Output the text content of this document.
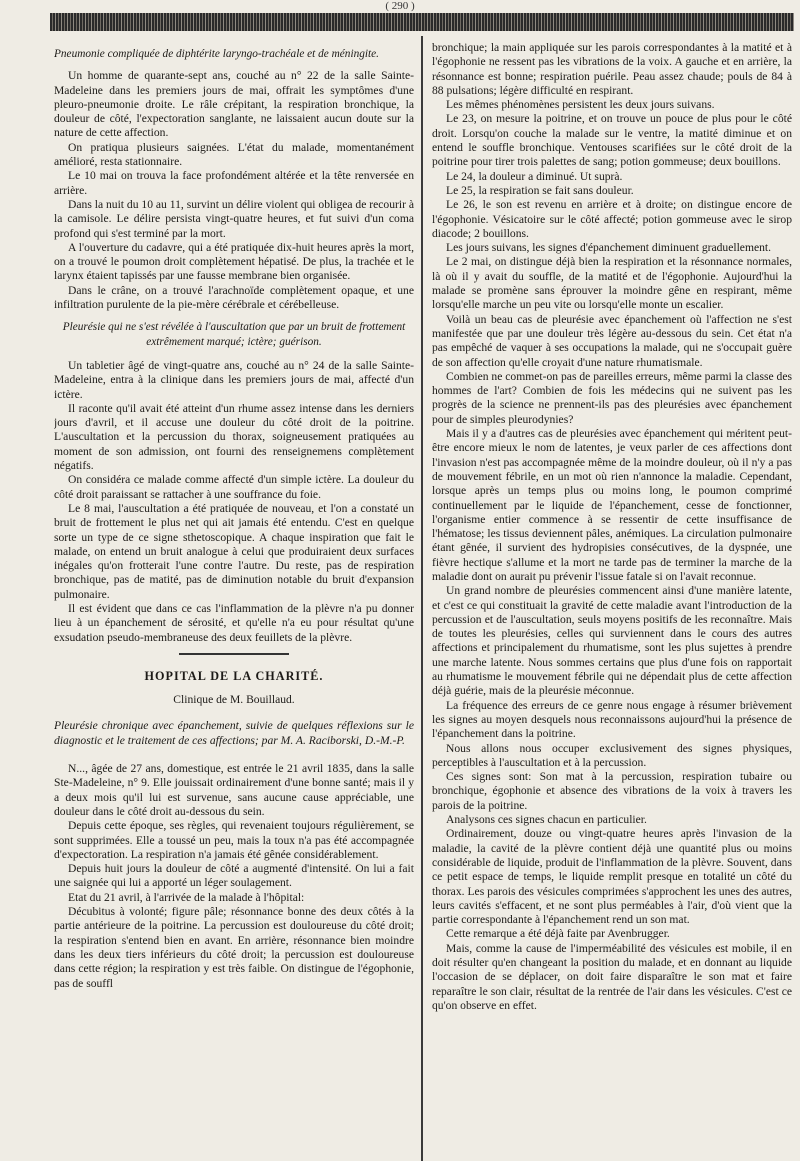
( 290 )

Pneumonie compliquée de diphtérite laryngo-trachéale et de méningite.

Un homme de quarante-sept ans, couché au n° 22 de la salle Sainte-Madeleine dans les premiers jours de mai, offrait les symptômes d'une pleuro-pneumonie droite. Le râle crépitant, la respiration bronchique, la douleur de côté, l'expectoration sanglante, ne laissaient aucun doute sur la nature de cette affection.

On pratiqua plusieurs saignées. L'état du malade, momentanément amélioré, resta stationnaire.

Le 10 mai on trouva la face profondément altérée et la tête renversée en arrière.

Dans la nuit du 10 au 11, survint un délire violent qui obligea de recourir à la camisole. Le délire persista vingt-quatre heures, et fut suivi d'un coma profond qui s'est terminé par la mort.

A l'ouverture du cadavre, qui a été pratiquée dix-huit heures après la mort, on a trouvé le poumon droit complètement hépatisé. De plus, la trachée et le larynx étaient tapissés par une fausse membrane bien organisée.

Dans le crâne, on a trouvé l'arachnoïde complètement opaque, et une infiltration purulente de la pie-mère cérébrale et cérébelleuse.

Pleurésie qui ne s'est révélée à l'auscultation que par un bruit de frottement extrêmement marqué; ictère; guérison.

Un tabletier âgé de vingt-quatre ans, couché au n° 24 de la salle Sainte-Madeleine, entra à la clinique dans les premiers jours de mai, affecté d'un ictère.

Il raconte qu'il avait été atteint d'un rhume assez intense dans les derniers jours d'avril, et il accuse une douleur du côté droit de la poitrine. L'auscultation et la percussion du thorax, soigneusement pratiquées au moment de son admission, ont fourni des renseignemens complètement négatifs.

On considéra ce malade comme affecté d'un simple ictère. La douleur du côté droit paraissant se rattacher à une souffrance du foie.

Le 8 mai, l'auscultation a été pratiquée de nouveau, et l'on a constaté un bruit de frottement le plus net qui ait jamais été entendu. C'est en quelque sorte un type de ce signe sthetoscopique. A chaque inspiration que fait le malade, on entend un bruit analogue à celui que produiraient deux surfaces inégales qu'on frotterait l'une contre l'autre. Du reste, pas de respiration bronchique, pas de matité, pas de diminution notable du bruit d'expansion pulmonaire.

Il est évident que dans ce cas l'inflammation de la plèvre n'a pu donner lieu à un épanchement de sérosité, et qu'elle n'a eu pour résultat qu'une exsudation pseudo-membraneuse des deux feuillets de la plèvre.

HOPITAL DE LA CHARITÉ.

Clinique de M. Bouillaud.

Pleurésie chronique avec épanchement, suivie de quelques réflexions sur le diagnostic et le traitement de ces affections; par M. A. Raciborski, D.-M.-P.

N..., âgée de 27 ans, domestique, est entrée le 21 avril 1835, dans la salle Ste-Madeleine, n° 9. Elle jouissait ordinairement d'une bonne santé; mais il y a deux mois qu'il lui est survenue, sans aucune cause appréciable, une douleur dans le côté droit au-dessous du sein.

Depuis cette époque, ses règles, qui revenaient toujours régulièrement, se sont supprimées. Elle a toussé un peu, mais la toux n'a pas été accompagnée d'expectoration. La respiration n'a jamais été gênée considérablement.

Depuis huit jours la douleur de côté a augmenté d'intensité. On lui a fait une saignée qui lui a apporté un léger soulagement.

Etat du 21 avril, à l'arrivée de la malade à l'hôpital:

Décubitus à volonté; figure pâle; résonnance bonne des deux côtés à la partie antérieure de la poitrine. La percussion est douloureuse du côté droit; la respiration s'entend bien en avant. En arrière, résonnance bien moindre dans les deux tiers inférieurs du côté droit; la percussion est douloureuse dans cette région; la respiration y est très faible. On distingue de l'égophonie, pas de souffl

bronchique; la main appliquée sur les parois correspondantes à la matité et à l'égophonie ne ressent pas les vibrations de la voix. A gauche et en arrière, la résonnance est bonne; respiration puérile. Peau assez chaude; pouls de 84 à 88 pulsations; légère difficulté en respirant.

Les mêmes phénomènes persistent les deux jours suivans.

Le 23, on mesure la poitrine, et on trouve un pouce de plus pour le côté droit. Lorsqu'on couche la malade sur le ventre, la matité diminue et on entend le souffle bronchique. Ventouses scarifiées sur le côté droit de la poitrine pour tirer trois palettes de sang; potion gommeuse; deux bouillons.

Le 24, la douleur a diminué. Ut suprà.

Le 25, la respiration se fait sans douleur.

Le 26, le son est revenu en arrière et à droite; on distingue encore de l'égophonie. Vésicatoire sur le côté affecté; potion gommeuse avec le sirop diacode; 2 bouillons.

Les jours suivans, les signes d'épanchement diminuent graduellement.

Le 2 mai, on distingue déjà bien la respiration et la résonnance normales, là où il y avait du souffle, de la matité et de l'égophonie. Aujourd'hui la malade se promène sans éprouver la moindre gêne en respirant, même lorsqu'elle marche un peu vite ou lorsqu'elle monte un escalier.

Voilà un beau cas de pleurésie avec épanchement où l'affection ne s'est manifestée que par une douleur très légère au-dessous du sein. Cet état n'a pas empêché de vaquer à ses occupations la malade, qui ne s'occupait guère de son affection qu'elle croyait d'une nature rhumatismale.

Combien ne commet-on pas de pareilles erreurs, même parmi la classe des hommes de l'art? Combien de fois les médecins qui ne suivent pas les progrès de la science ne prennent-ils pas des pleurésies avec épanchement pour de simples pleurodynies?

Mais il y a d'autres cas de pleurésies avec épanchement qui méritent peut-être encore mieux le nom de latentes, je veux parler de ces affections dont l'invasion n'est pas accompagnée même de la moindre douleur, où il n'y a pas de mouvement fébrile, en un mot où rien n'annonce la maladie. Cependant, lorsque après un temps plus ou moins long, le poumon comprimé continuellement par le liquide de l'épanchement, cesse de fonctionner, l'organisme entier commence à se ressentir de cette insuffisance de l'hématose; les tissus deviennent pâles, anémiques. La circulation pulmonaire étant gênée, il survient des hydropisies consécutives, de la dyspnée, une fièvre hectique s'allume et la mort ne tarde pas de terminer la marche de la maladie dont on aurait pu prévenir l'issue fatale si on l'avait reconnue.

Un grand nombre de pleurésies commencent ainsi d'une manière latente, et c'est ce qui constituait la gravité de cette maladie avant l'introduction de la percussion et de l'auscultation, seuls moyens positifs de les reconnaître. Mais de toutes les pleurésies, celles qui surviennent dans le cours des autres affections et principalement du rhumatisme, sont les plus sujettes à prendre une marche latente. Nous sommes certains que plus d'une fois on rapportait au rhumatisme le mouvement fébrile qui ne dépendait plus de cette affection déjà guérie, mais de la pleurésie méconnue.

La fréquence des erreurs de ce genre nous engage à résumer brièvement les signes au moyen desquels nous reconnaissons aujourd'hui la présence de l'épanchement dans la poitrine.

Nous allons nous occuper exclusivement des signes physiques, perceptibles à l'auscultation et à la percussion.

Ces signes sont: Son mat à la percussion, respiration tubaire ou bronchique, égophonie et absence des vibrations de la voix à travers les parois de la poitrine.

Analysons ces signes chacun en particulier.

Ordinairement, douze ou vingt-quatre heures après l'invasion de la maladie, la cavité de la plèvre contient déjà une quantité plus ou moins considérable de liquide, produit de l'inflammation de la plèvre. Souvent, dans ce petit espace de temps, le liquide remplit presque en totalité un côté du thorax. Les parois des vésicules comprimées s'approchent les unes des autres, leurs cavités s'effacent, et ne sont plus perméables à l'air, d'où vient que la partie correspondante à l'épanchement rend un son mat.

Cette remarque a été déjà faite par Avenbrugger.

Mais, comme la cause de l'imperméabilité des vésicules est mobile, il en doit résulter qu'en changeant la position du malade, et en donnant au liquide l'occasion de se déplacer, on doit faire disparaître le son mat et faire reparaître le son clair, résultat de la rentrée de l'air dans les vésicules. C'est ce qu'on observe en effet.
